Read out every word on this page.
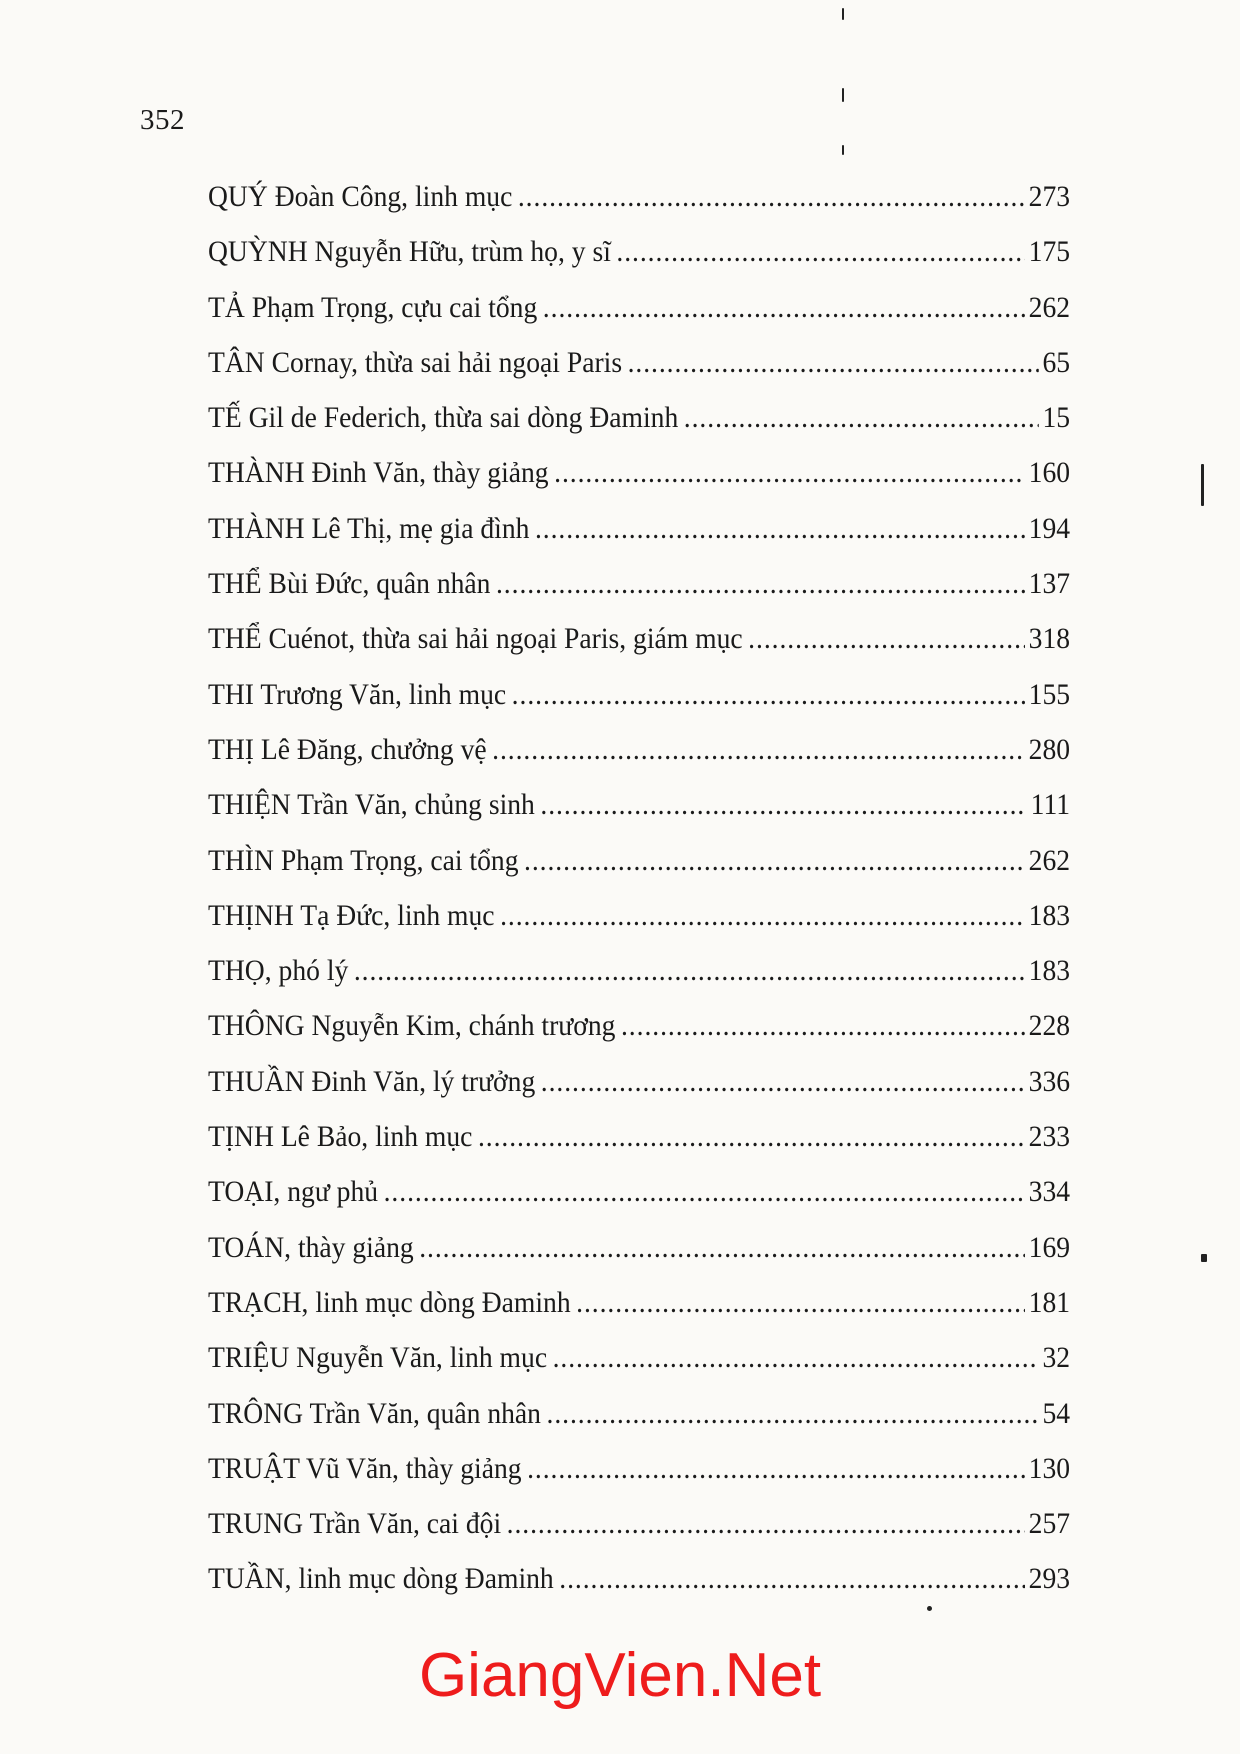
352
QUÝ Đoàn Công, linh mục .....	273
QUỲNH Nguyễn Hữu, trùm họ, y sĩ .....	175
TẢ Phạm Trọng, cựu cai tổng .....	262
TÂN Cornay, thừa sai hải ngoại Paris .....	65
TẾ Gil de Federich, thừa sai dòng Đaminh .....	15
THÀNH Đinh Văn, thày giảng .....	160
THÀNH Lê Thị, mẹ gia đình .....	194
THỂ Bùi Đức, quân nhân .....	137
THỂ Cuénot, thừa sai hải ngoại Paris, giám mục .....	318
THI Trương Văn, linh mục .....	155
THỊ Lê Đăng, chưởng vệ .....	280
THIỆN Trần Văn, chủng sinh .....	111
THÌN Phạm Trọng, cai tổng .....	262
THỊNH Tạ Đức, linh mục .....	183
THỌ, phó lý .....	183
THÔNG Nguyễn Kim, chánh trương .....	228
THUẦN Đinh Văn, lý trưởng .....	336
TỊNH Lê Bảo, linh mục .....	233
TOẠI, ngư phủ .....	334
TOÁN, thày giảng .....	169
TRẠCH, linh mục dòng Đaminh .....	181
TRIỆU Nguyễn Văn, linh mục .....	32
TRÔNG Trần Văn, quân nhân .....	54
TRUẬT Vũ Văn, thày giảng .....	130
TRUNG Trần Văn, cai đội .....	257
TUẦN, linh mục dòng Đaminh .....	293
GiangVien.Net
